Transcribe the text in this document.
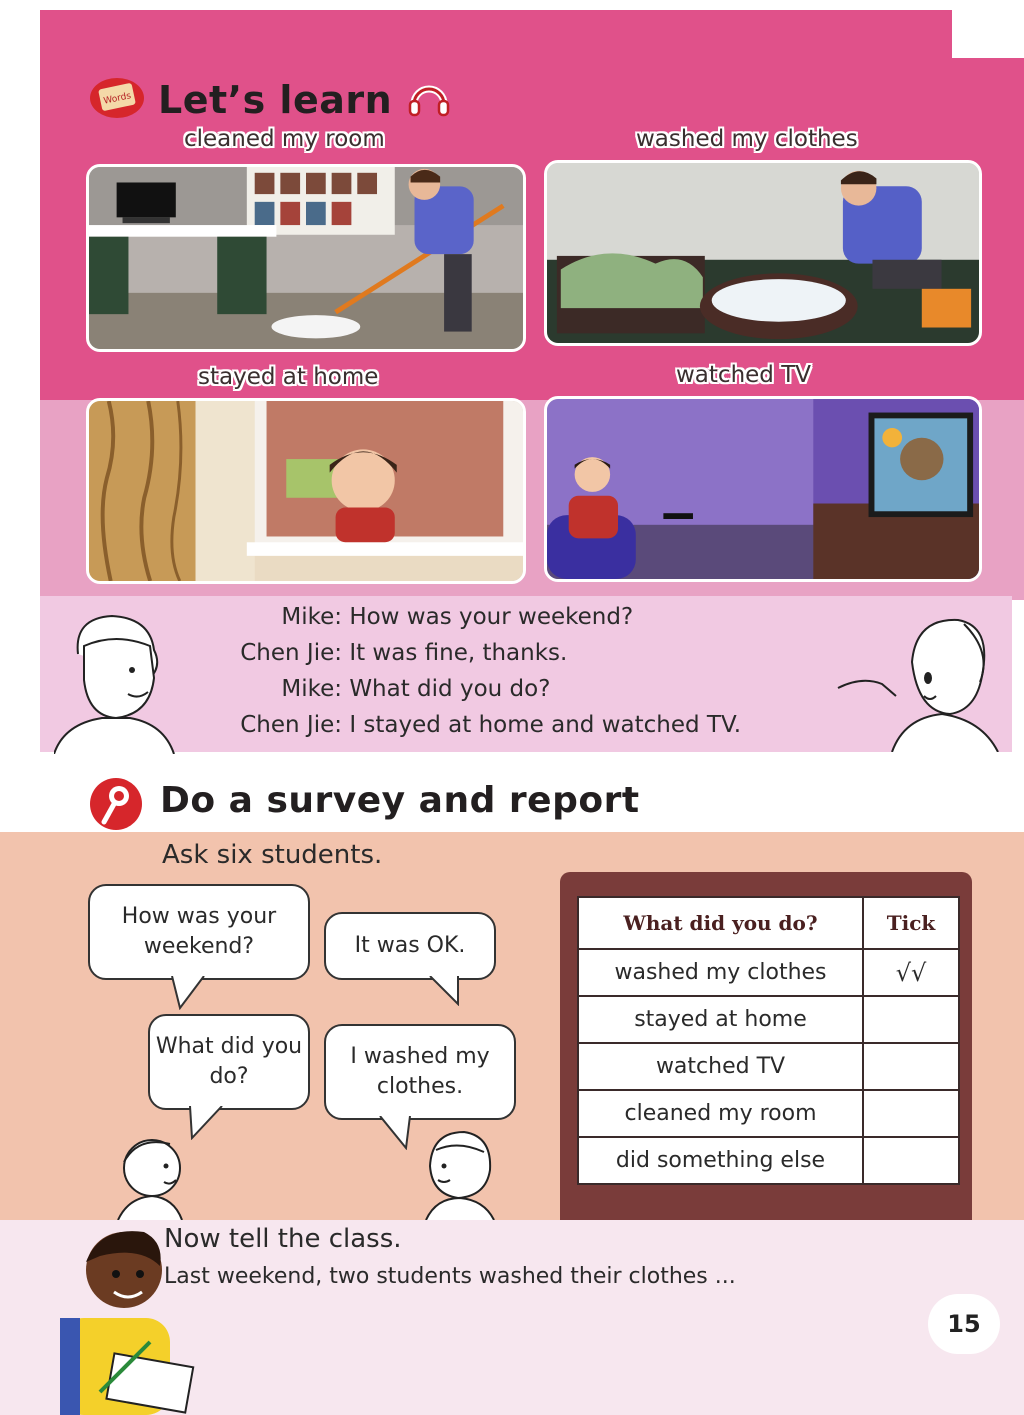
Words Let’s learn
cleaned my room	washed my clothes
stayed at home	watched TV
Mike: How was your weekend?
Chen Jie: It was fine, thanks.
Mike: What did you do?
Chen Jie: I stayed at home and watched TV.
Do a survey and report
Ask six students.
How was your weekend?	It was OK.
What did you do?
I washed my clothes.
What did you do?	Tick
washed my clothes	√√
stayed at home	
watched TV	
cleaned my room	
did something else	
Now tell the class.
Last weekend, two students washed their clothes ...
15
